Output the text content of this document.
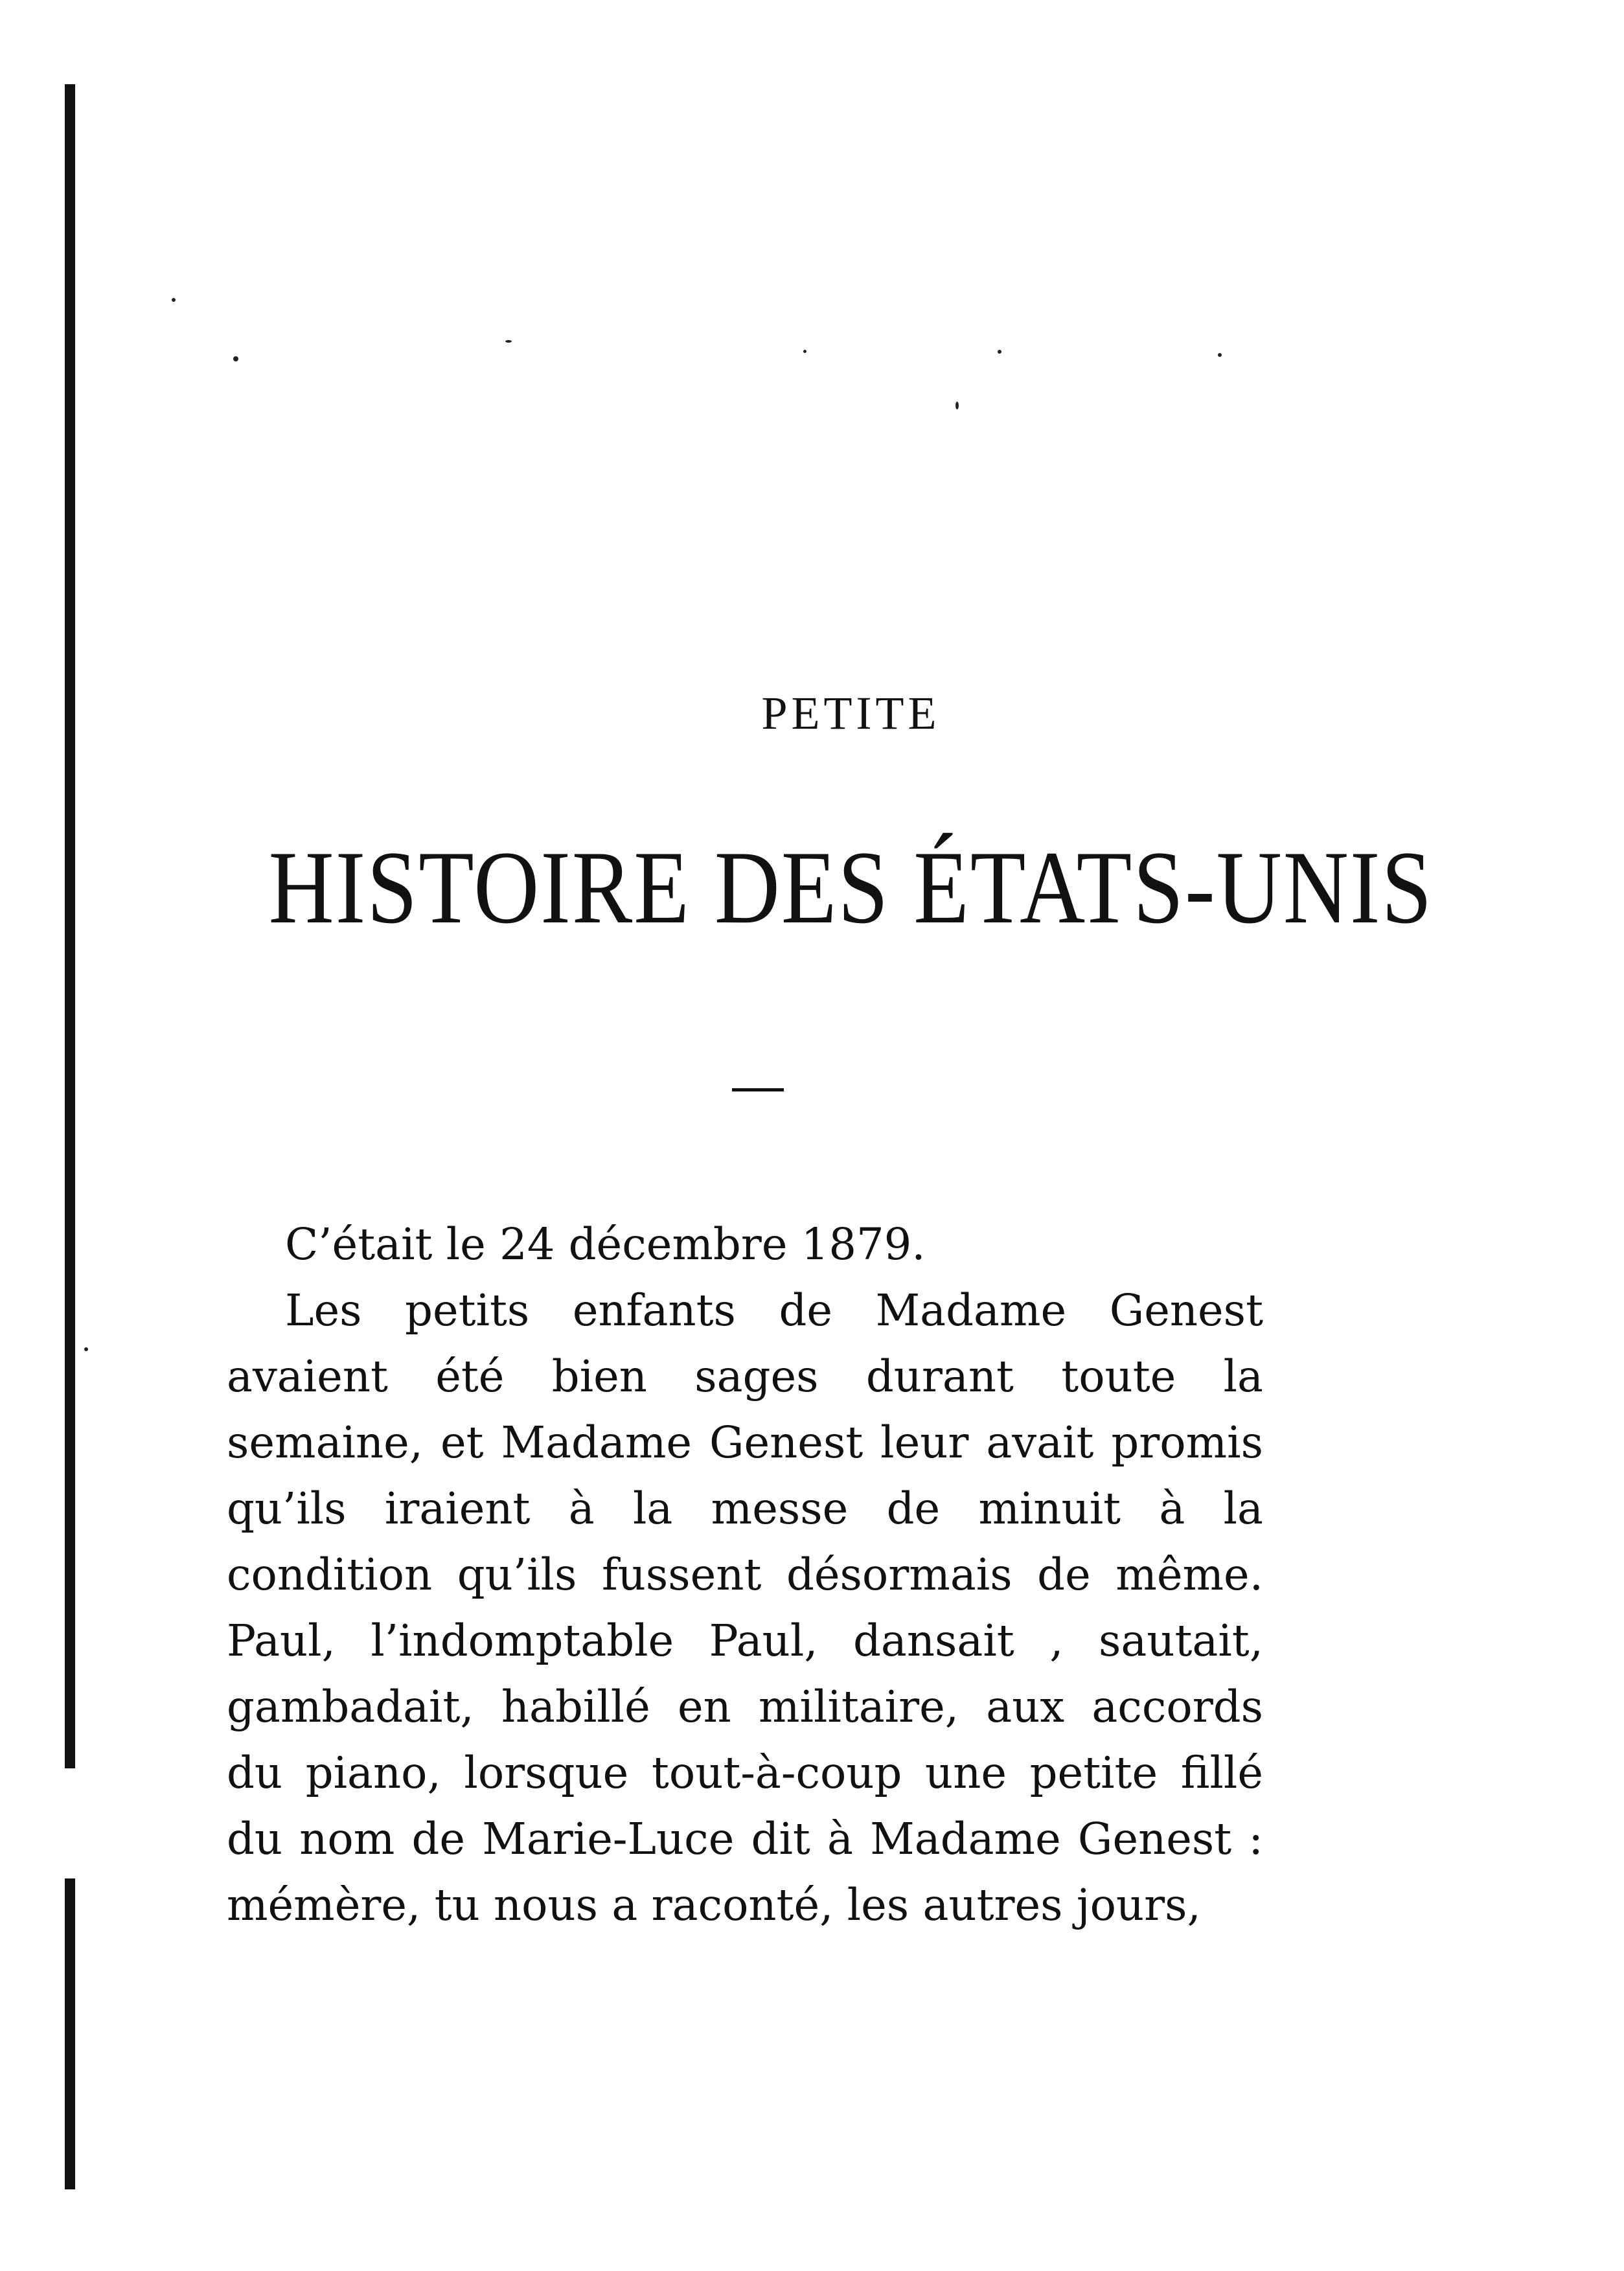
PETITE
HISTOIRE DES ÉTATS-UNIS

C’était le 24 décembre 1879.

Les petits enfants de Madame Genest avaient été bien sages durant toute la semaine, et Madame Genest leur avait promis qu’ils iraient à la messe de minuit à la condition qu’ils fussent désormais de même. Paul, l’indomptable Paul, dansait , sautait, gambadait, habillé en militaire, aux accords du piano, lorsque tout-à-coup une petite fillé du nom de Marie-Luce dit à Madame Genest : mémère, tu nous a raconté, les autres jours,
